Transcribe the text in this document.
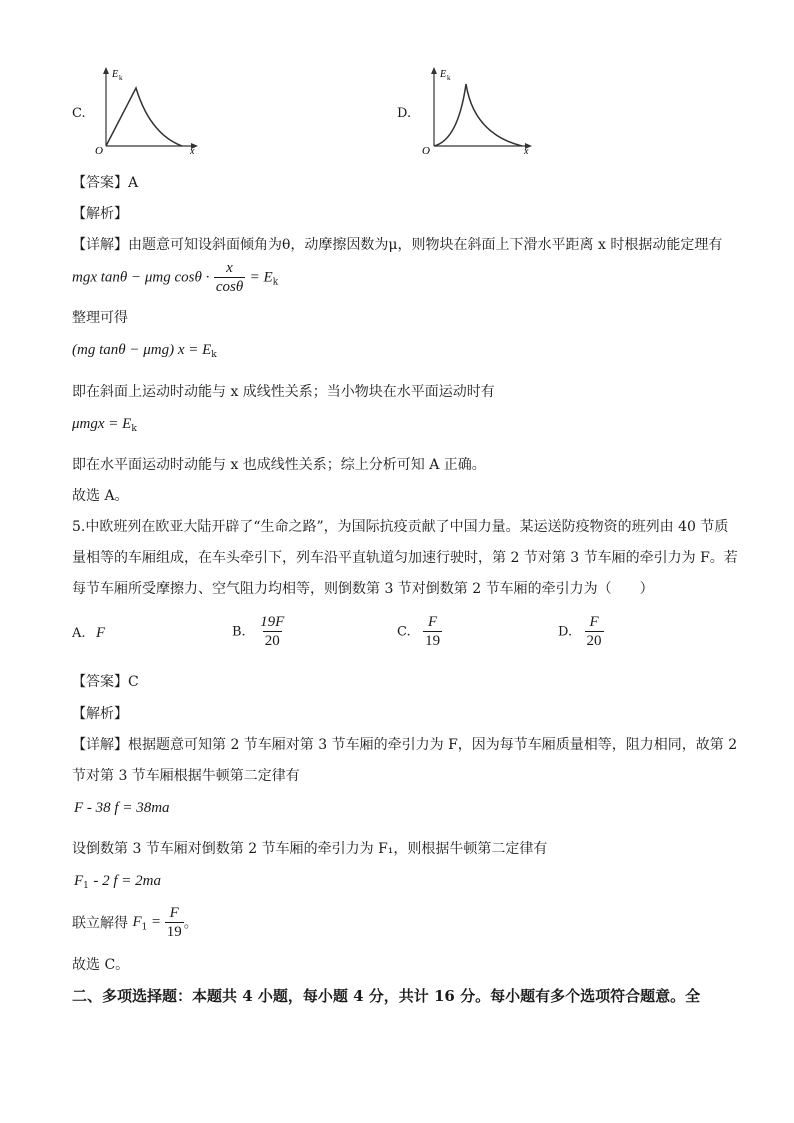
C.
E k
x
O
D.
E k
x
O
【答案】A
【解析】
【详解】由题意可知设斜面倾角为θ，动摩擦因数为μ，则物块在斜面上下滑水平距离 x 时根据动能定理有
mgx tanθ − μmg $\cos\theta \cdot \frac{x}{\cos\theta} = E_k$
整理可得
(mg tanθ − μmg) $x = E_k$
即在斜面上运动时动能与 x 成线性关系；当小物块在水平面运动时有
$\mu mgx = E_k$
即在水平面运动时动能与 x 也成线性关系；综上分析可知 A 正确。
故选 A。
5.中欧班列在欧亚大陆开辟了“生命之路”，为国际抗疫贡献了中国力量。某运送防疫物资的班列由 40 节质
量相等的车厢组成，在车头牵引下，列车沿平直轨道匀加速行驶时，第 2 节对第 3 节车厢的牵引力为 F。若
每节车厢所受摩擦力、空气阻力均相等，则倒数第 3 节对倒数第 2 节车厢的牵引力为（　　）
A. F	B. $\frac{19F}{20}$	C. $\frac{F}{19}$	D. $\frac{F}{20}$
【答案】C
【解析】
【详解】根据题意可知第 2 节车厢对第 3 节车厢的牵引力为 F，因为每节车厢质量相等，阻力相同，故第 2
节对第 3 节车厢根据牛顿第二定律有
F - 38 f = 38ma
设倒数第 3 节车厢对倒数第 2 节车厢的牵引力为 F₁，则根据牛顿第二定律有
$F_1 - 2$ f = 2ma
联立解得 $F_1 = \frac{F}{19}$ 。
故选 C。
二、多项选择题：本题共 4 小题，每小题 4 分，共计 16 分。每小题有多个选项符合题意。全
